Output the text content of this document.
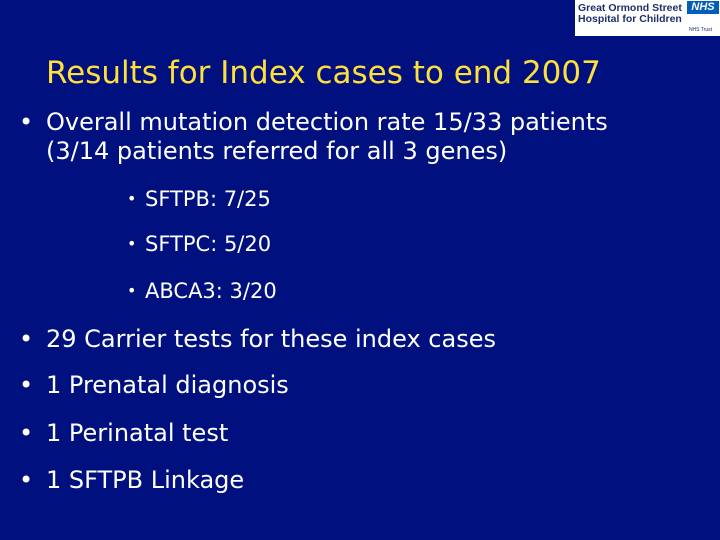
Great Ormond Street
Hospital for Children
NHS
NHS Trust
Results for Index cases to end 2007
• Overall mutation detection rate 15/33 patients
(3/14 patients referred for all 3 genes)
• SFTPB: 7/25
• SFTPC: 5/20
• ABCA3: 3/20
• 29 Carrier tests for these index cases
• 1 Prenatal diagnosis
• 1 Perinatal test
• 1 SFTPB Linkage
